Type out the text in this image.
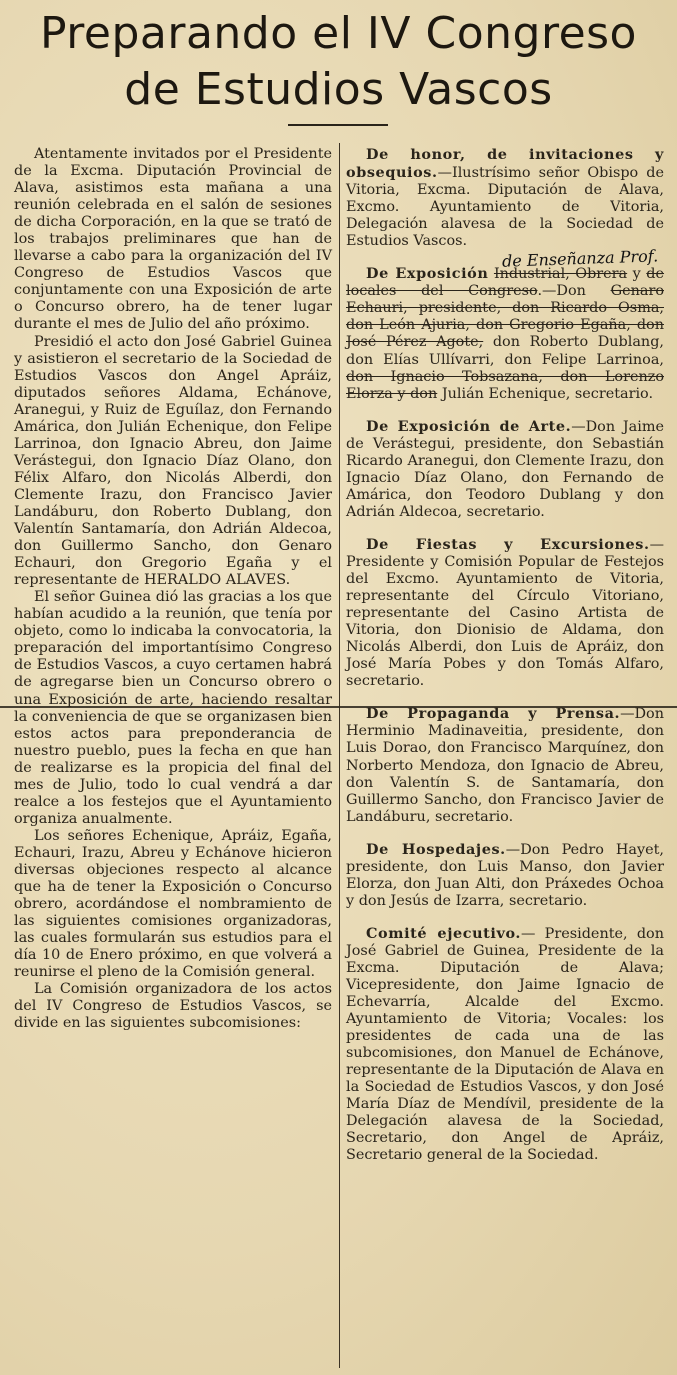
Preparando el IV Congreso
de Estudios Vascos

Atentamente invitados por el Presidente de la Excma. Diputación Provincial de Alava, asistimos esta mañana a una reunión celebrada en el salón de sesiones de dicha Corporación, en la que se trató de los trabajos preliminares que han de llevarse a cabo para la organización del IV Congreso de Estudios Vascos que conjuntamente con una Exposición de arte o Concurso obrero, ha de tener lugar durante el mes de Julio del año próximo.

Presidió el acto don José Gabriel Guinea y asistieron el secretario de la Sociedad de Estudios Vascos don Angel Apráiz, diputados señores Aldama, Echánove, Aranegui, y Ruiz de Eguílaz, don Fernando Amárica, don Julián Echenique, don Felipe Larrinoa, don Ignacio Abreu, don Jaime Verástegui, don Ignacio Díaz Olano, don Félix Alfaro, don Nicolás Alberdi, don Clemente Irazu, don Francisco Javier Landáburu, don Roberto Dublang, don Valentín Santamaría, don Adrián Aldecoa, don Guillermo Sancho, don Genaro Echauri, don Gregorio Egaña y el representante de HERALDO ALAVES.

El señor Guinea dió las gracias a los que habían acudido a la reunión, que tenía por objeto, como lo indicaba la convocatoria, la preparación del importantísimo Congreso de Estudios Vascos, a cuyo certamen habrá de agregarse bien un Concurso obrero o una Exposición de arte, haciendo resaltar la conveniencia de que se organizasen bien estos actos para preponderancia de nuestro pueblo, pues la fecha en que han de realizarse es la propicia del final del mes de Julio, todo lo cual vendrá a dar realce a los festejos que el Ayuntamiento organiza anualmente.

Los señores Echenique, Apráiz, Egaña, Echauri, Irazu, Abreu y Echánove hicieron diversas objeciones respecto al alcance que ha de tener la Exposición o Concurso obrero, acordándose el nombramiento de las siguientes comisiones organizadoras, las cuales formularán sus estudios para el día 10 de Enero próximo, en que volverá a reunirse el pleno de la Comisión general.

La Comisión organizadora de los actos del IV Congreso de Estudios Vascos, se divide en las siguientes subcomisiones:

De honor, de invitaciones y obsequios.—Ilustrísimo señor Obispo de Vitoria, Excma. Diputación de Alava, Excmo. Ayuntamiento de Vitoria, Delegación alavesa de la Sociedad de Estudios Vascos.

De Exposición Industrial, Obrera y de locales del Congreso.—Don Genaro Echauri, presidente, don Ricardo Osma, don León Ajuria, don Gregorio Egaña, don José Pérez Agote, don Roberto Dublang, don Elías Ullívarri, don Felipe Larrinoa, don Ignacio Tobsazana, don Lorenzo Elorza y don Julián Echenique, secretario.

De Exposición de Arte.—Don Jaime de Verástegui, presidente, don Sebastián Ricardo Aranegui, don Clemente Irazu, don Ignacio Díaz Olano, don Fernando de Amárica, don Teodoro Dublang y don Adrián Aldecoa, secretario.

De Fiestas y Excursiones.—Presidente y Comisión Popular de Festejos del Excmo. Ayuntamiento de Vitoria, representante del Círculo Vitoriano, representante del Casino Artista de Vitoria, don Dionisio de Aldama, don Nicolás Alberdi, don Luis de Apráiz, don José María Pobes y don Tomás Alfaro, secretario.

De Propaganda y Prensa.—Don Herminio Madinaveitia, presidente, don Luis Dorao, don Francisco Marquínez, don Norberto Mendoza, don Ignacio de Abreu, don Valentín S. de Santamaría, don Guillermo Sancho, don Francisco Javier de Landáburu, secretario.

De Hospedajes.—Don Pedro Hayet, presidente, don Luis Manso, don Javier Elorza, don Juan Alti, don Práxedes Ochoa y don Jesús de Izarra, secretario.

Comité ejecutivo.— Presidente, don José Gabriel de Guinea, Presidente de la Excma. Diputación de Alava; Vicepresidente, don Jaime Ignacio de Echevarría, Alcalde del Excmo. Ayuntamiento de Vitoria; Vocales: los presidentes de cada una de las subcomisiones, don Manuel de Echánove, representante de la Diputación de Alava en la Sociedad de Estudios Vascos, y don José María Díaz de Mendívil, presidente de la Delegación alavesa de la Sociedad, Secretario, don Angel de Apráiz, Secretario general de la Sociedad.

de Enseñanza Prof.
